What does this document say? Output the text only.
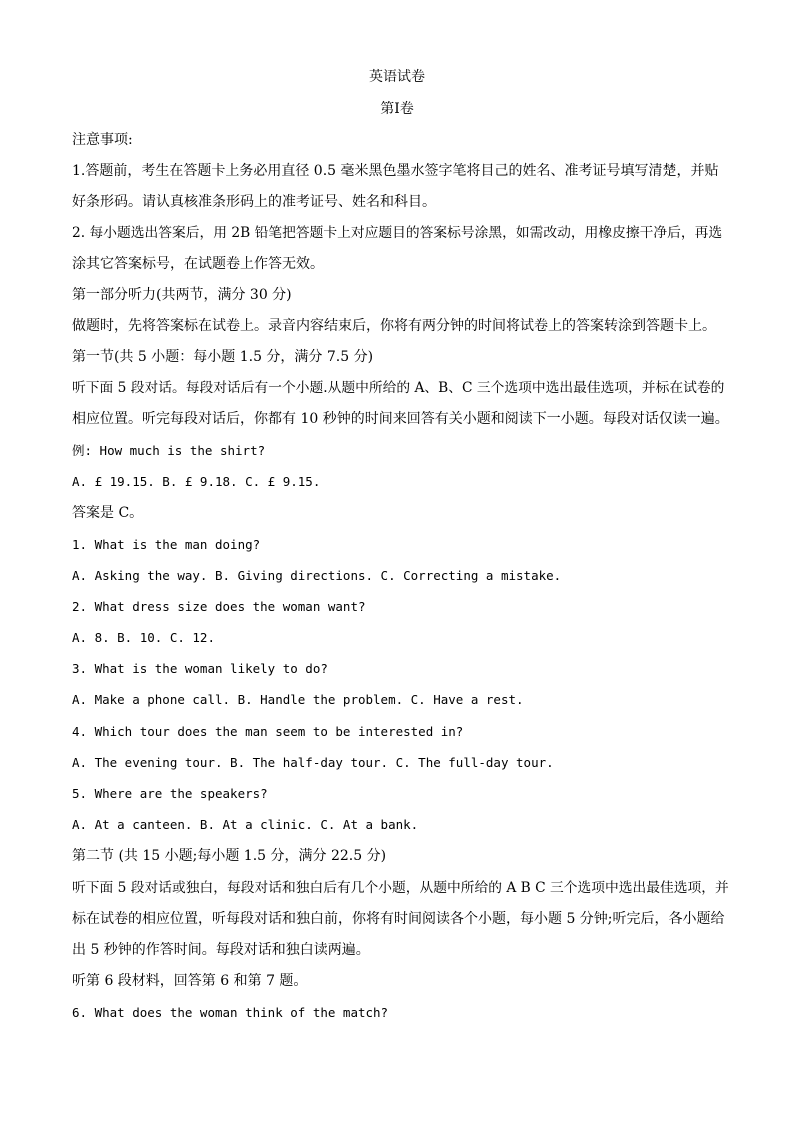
英语试卷
第Ⅰ卷
注意事项:
1.答题前，考生在答题卡上务必用直径 0.5 毫米黑色墨水签字笔将目己的姓名、准考证号填写清楚，并贴
好条形码。请认真核准条形码上的准考证号、姓名和科目。
2. 每小题选出答案后，用 2B 铅笔把答题卡上对应题目的答案标号涂黑，如需改动，用橡皮擦干净后，再选
涂其它答案标号，在试题卷上作答无效。
第一部分听力(共两节，满分 30 分)
做题时，先将答案标在试卷上。录音内容结束后，你将有两分钟的时间将试卷上的答案转涂到答题卡上。
第一节(共 5 小题：每小题 1.5 分，满分 7.5 分)
听下面 5 段对话。每段对话后有一个小题.从题中所给的 A、B、C 三个选项中选出最佳选项，并标在试卷的
相应位置。听完每段对话后，你都有 10 秒钟的时间来回答有关小题和阅读下一小题。每段对话仅读一遍。
例: How much is the shirt?
A. £ 19.15. B. £ 9.18. C. £ 9.15.
答案是 C。
1. What is the man doing?
A. Asking the way. B. Giving directions. C. Correcting a mistake.
2. What dress size does the woman want?
A. 8. B. 10. C. 12.
3. What is the woman likely to do?
A. Make a phone call. B. Handle the problem. C. Have a rest.
4. Which tour does the man seem to be interested in?
A. The evening tour. B. The half-day tour. C. The full-day tour.
5. Where are the speakers?
A. At a canteen. B. At a clinic. C. At a bank.
第二节 (共 15 小题;每小题 1.5 分，满分 22.5 分)
听下面 5 段对话或独白，每段对话和独白后有几个小题，从题中所给的 A B C 三个选项中选出最佳选项，并
标在试卷的相应位置，听每段对话和独白前，你将有时间阅读各个小题，每小题 5 分钟;听完后，各小题给
出 5 秒钟的作答时间。每段对话和独白读两遍。
听第 6 段材料，回答第 6 和第 7 题。
6. What does the woman think of the match?
